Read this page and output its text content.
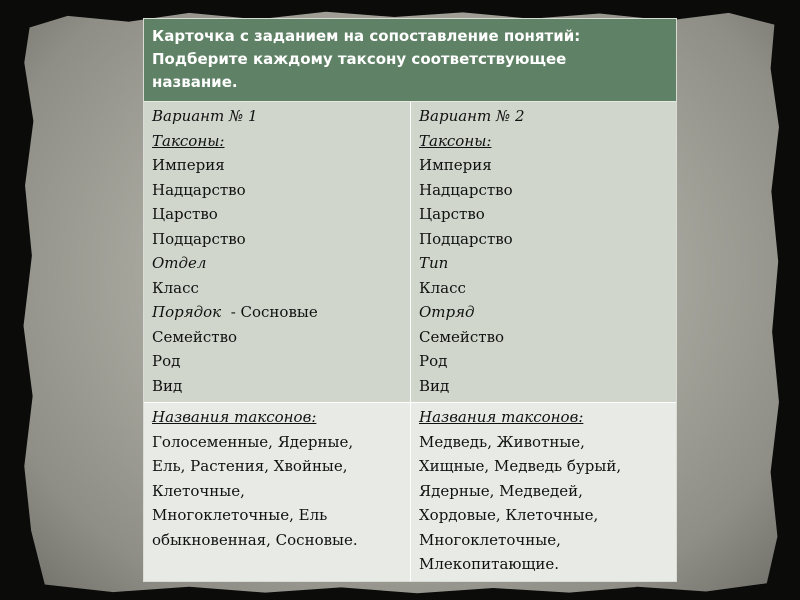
Карточка с заданием на сопоставление понятий:
Подберите каждому таксону соответствующее
название.
Вариант № 1
Таксоны:
Империя
Надцарство
Царство
Подцарство
Отдел
Класс
Порядок - Сосновые
Семейство
Род
Вид
Вариант № 2
Таксоны:
Империя
Надцарство
Царство
Подцарство
Тип
Класс
Отряд
Семейство
Род
Вид
Названия таксонов:
Голосеменные, Ядерные,
Ель, Растения, Хвойные,
Клеточные,
Многоклеточные, Ель
обыкновенная, Сосновые.
Названия таксонов:
Медведь, Животные,
Хищные, Медведь бурый,
Ядерные, Медведей,
Хордовые, Клеточные,
Многоклеточные,
Млекопитающие.
